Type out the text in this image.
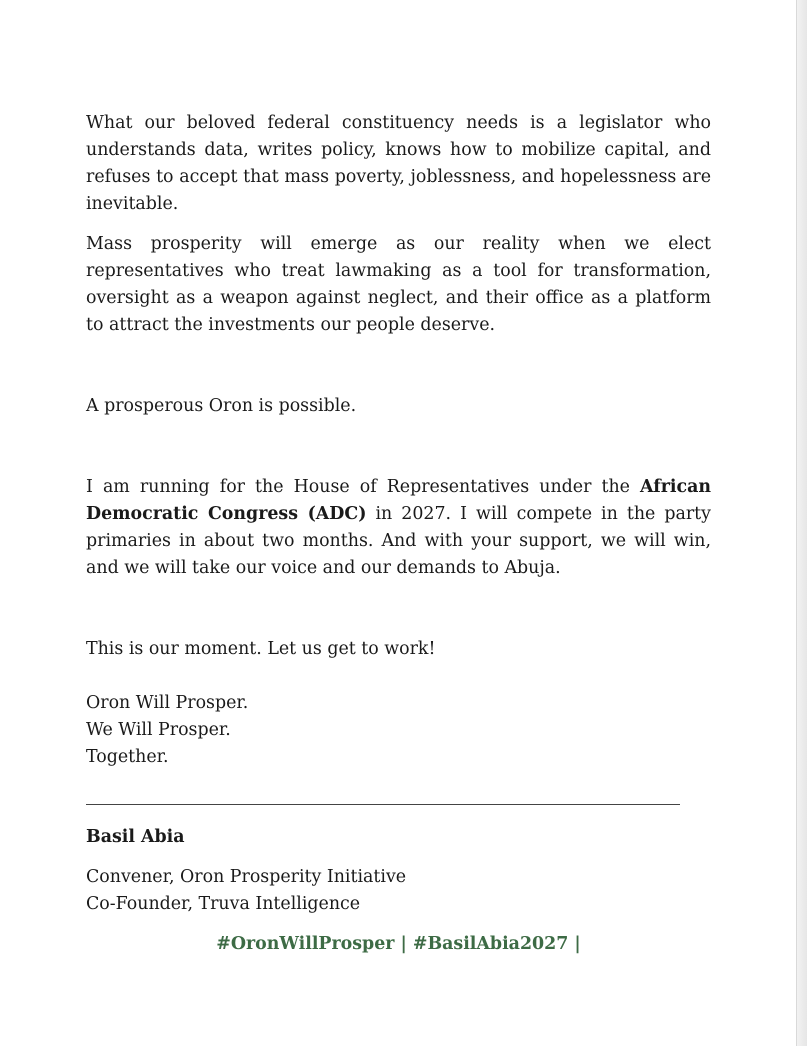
What our beloved federal constituency needs is a legislator who understands data, writes policy, knows how to mobilize capital, and refuses to accept that mass poverty, joblessness, and hopelessness are inevitable.

Mass prosperity will emerge as our reality when we elect representatives who treat lawmaking as a tool for transformation, oversight as a weapon against neglect, and their office as a platform to attract the investments our people deserve.

A prosperous Oron is possible.

I am running for the House of Representatives under the African Democratic Congress (ADC) in 2027. I will compete in the party primaries in about two months. And with your support, we will win, and we will take our voice and our demands to Abuja.

This is our moment. Let us get to work!

Oron Will Prosper.
We Will Prosper.
Together.
Basil Abia
Convener, Oron Prosperity Initiative
Co-Founder, Truva Intelligence
#OronWillProsper | #BasilAbia2027 |
